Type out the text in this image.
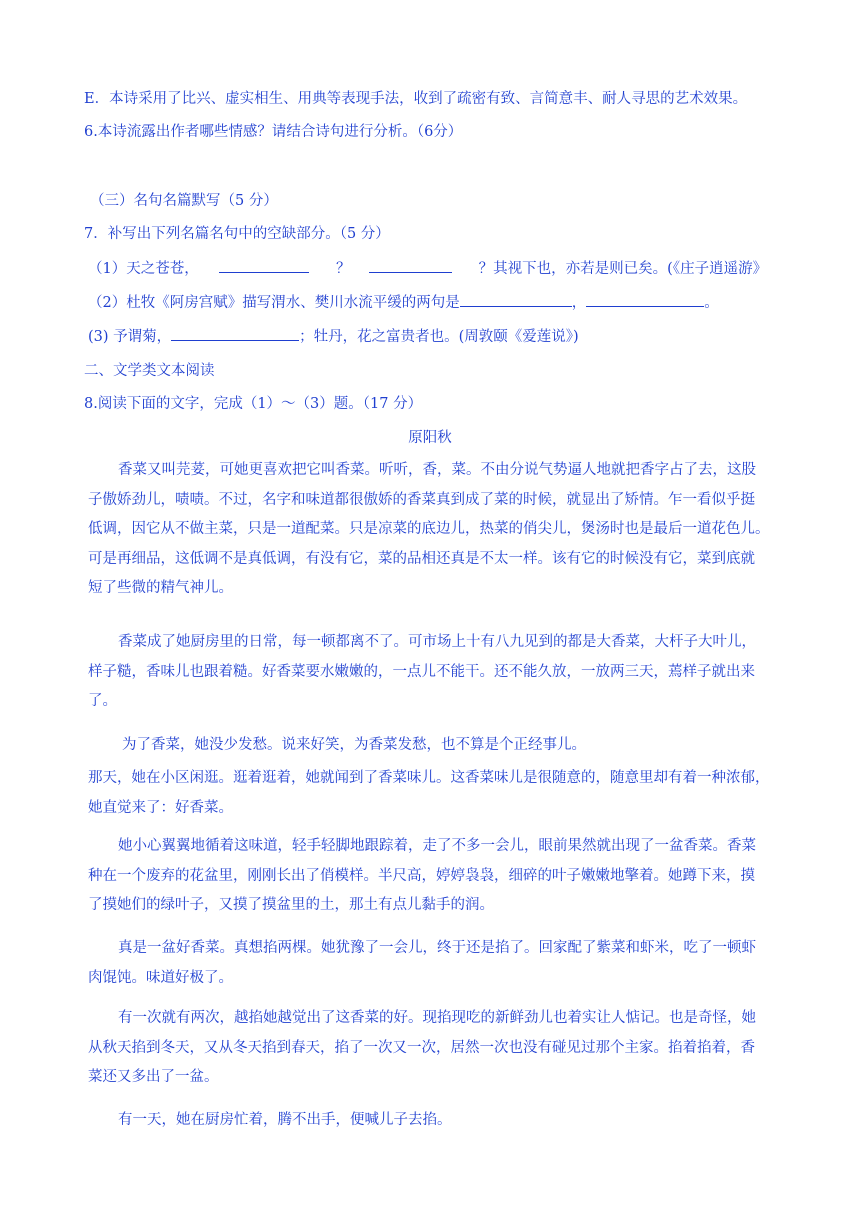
E．本诗采用了比兴、虚实相生、用典等表现手法，收到了疏密有致、言简意丰、耐人寻思的艺术效果。
6.本诗流露出作者哪些情感？请结合诗句进行分析。（6分）
（三）名句名篇默写（5 分）
7．补写出下列名篇名句中的空缺部分。（5 分）
（1）天之苍苍，	？	？其视下也，亦若是则已矣。(《庄子逍遥游》
（2）杜牧《阿房宫赋》描写渭水、樊川水流平缓的两句是	，	。
(3) 予谓菊，	；牡丹，花之富贵者也。(周敦颐《爱莲说》)
二、文学类文本阅读
8.阅读下面的文字，完成（1）～（3）题。（17 分）
原阳秋
香菜又叫芫荽，可她更喜欢把它叫香菜。听听，香，菜。不由分说气势逼人地就把香字占了去，这股
子傲娇劲儿，啧啧。不过，名字和味道都很傲娇的香菜真到成了菜的时候，就显出了矫情。乍一看似乎挺
低调，因它从不做主菜，只是一道配菜。只是凉菜的底边儿，热菜的俏尖儿，煲汤时也是最后一道花色儿。
可是再细品，这低调不是真低调，有没有它，菜的品相还真是不太一样。该有它的时候没有它，菜到底就
短了些微的精气神儿。
香菜成了她厨房里的日常，每一顿都离不了。可市场上十有八九见到的都是大香菜，大杆子大叶儿，
样子糙，香味儿也跟着糙。好香菜要水嫩嫩的，一点儿不能干。还不能久放，一放两三天，蔫样子就出来
了。
为了香菜，她没少发愁。说来好笑，为香菜发愁，也不算是个正经事儿。
那天，她在小区闲逛。逛着逛着，她就闻到了香菜味儿。这香菜味儿是很随意的，随意里却有着一种浓郁，
她直觉来了：好香菜。
她小心翼翼地循着这味道，轻手轻脚地跟踪着，走了不多一会儿，眼前果然就出现了一盆香菜。香菜
种在一个废弃的花盆里，刚刚长出了俏模样。半尺高，婷婷袅袅，细碎的叶子嫩嫩地擎着。她蹲下来，摸
了摸她们的绿叶子，又摸了摸盆里的土，那土有点儿黏手的润。
真是一盆好香菜。真想掐两棵。她犹豫了一会儿，终于还是掐了。回家配了紫菜和虾米，吃了一顿虾
肉馄饨。味道好极了。
有一次就有两次，越掐她越觉出了这香菜的好。现掐现吃的新鲜劲儿也着实让人惦记。也是奇怪，她
从秋天掐到冬天，又从冬天掐到春天，掐了一次又一次，居然一次也没有碰见过那个主家。掐着掐着，香
菜还又多出了一盆。
有一天，她在厨房忙着，腾不出手，便喊儿子去掐。
